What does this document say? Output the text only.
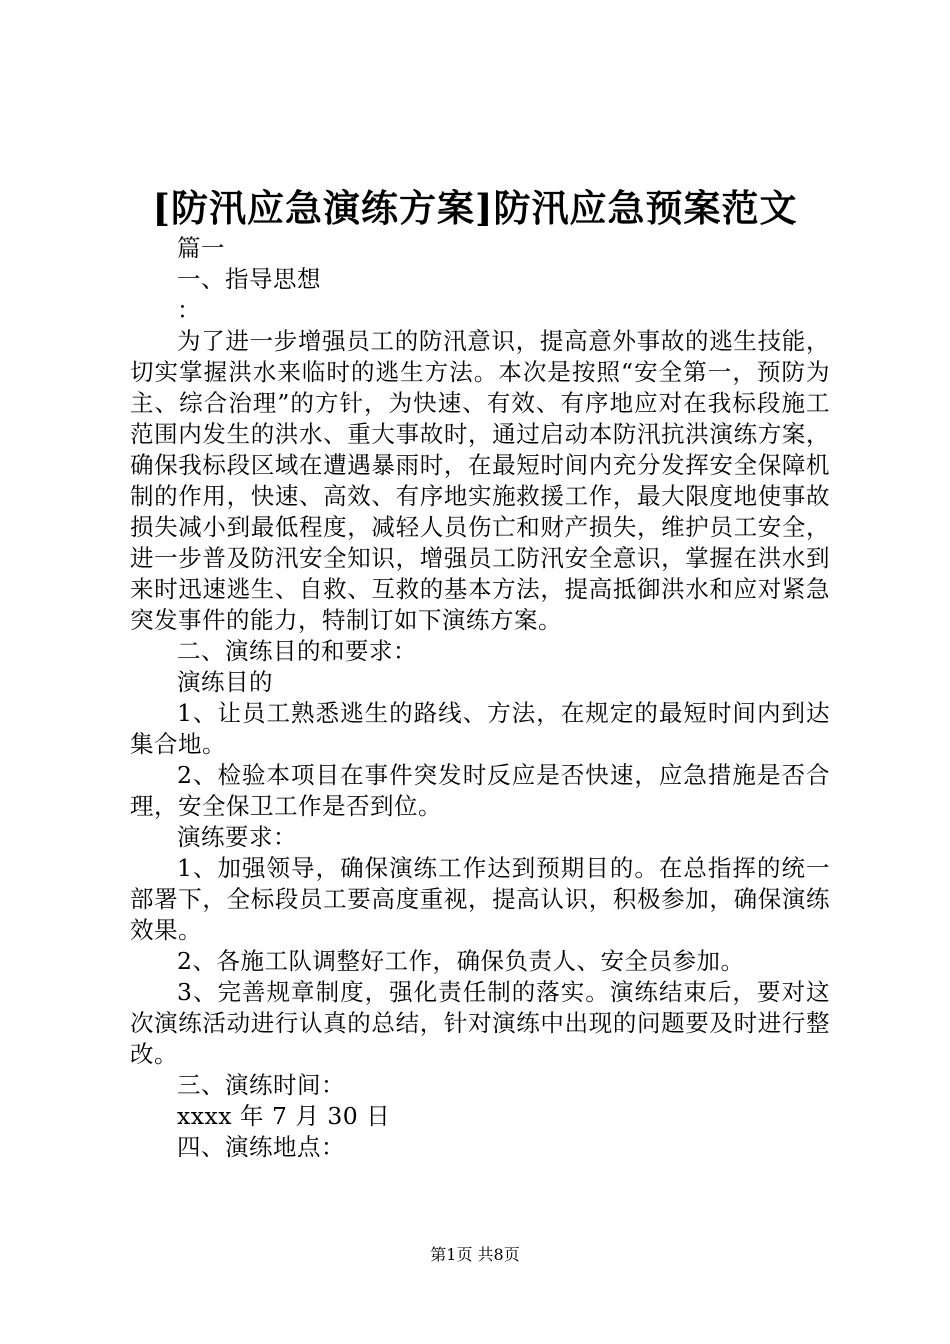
[防汛应急演练方案]防汛应急预案范文

篇一

一、指导思想

：

为了进一步增强员工的防汛意识，提高意外事故的逃生技能，切实掌握洪水来临时的逃生方法。本次是按照“安全第一，预防为主、综合治理”的方针，为快速、有效、有序地应对在我标段施工范围内发生的洪水、重大事故时，通过启动本防汛抗洪演练方案，确保我标段区域在遭遇暴雨时，在最短时间内充分发挥安全保障机制的作用，快速、高效、有序地实施救援工作，最大限度地使事故损失减小到最低程度，减轻人员伤亡和财产损失，维护员工安全，进一步普及防汛安全知识，增强员工防汛安全意识，掌握在洪水到来时迅速逃生、自救、互救的基本方法，提高抵御洪水和应对紧急突发事件的能力，特制订如下演练方案。

二、演练目的和要求：

演练目的

1、让员工熟悉逃生的路线、方法，在规定的最短时间内到达集合地。

2、检验本项目在事件突发时反应是否快速，应急措施是否合理，安全保卫工作是否到位。

演练要求：

1、加强领导，确保演练工作达到预期目的。在总指挥的统一部署下，全标段员工要高度重视，提高认识，积极参加，确保演练效果。

2、各施工队调整好工作，确保负责人、安全员参加。

3、完善规章制度，强化责任制的落实。演练结束后，要对这次演练活动进行认真的总结，针对演练中出现的问题要及时进行整改。

三、演练时间：

xxxx 年 7 月 30 日

四、演练地点：

第1页 共8页
